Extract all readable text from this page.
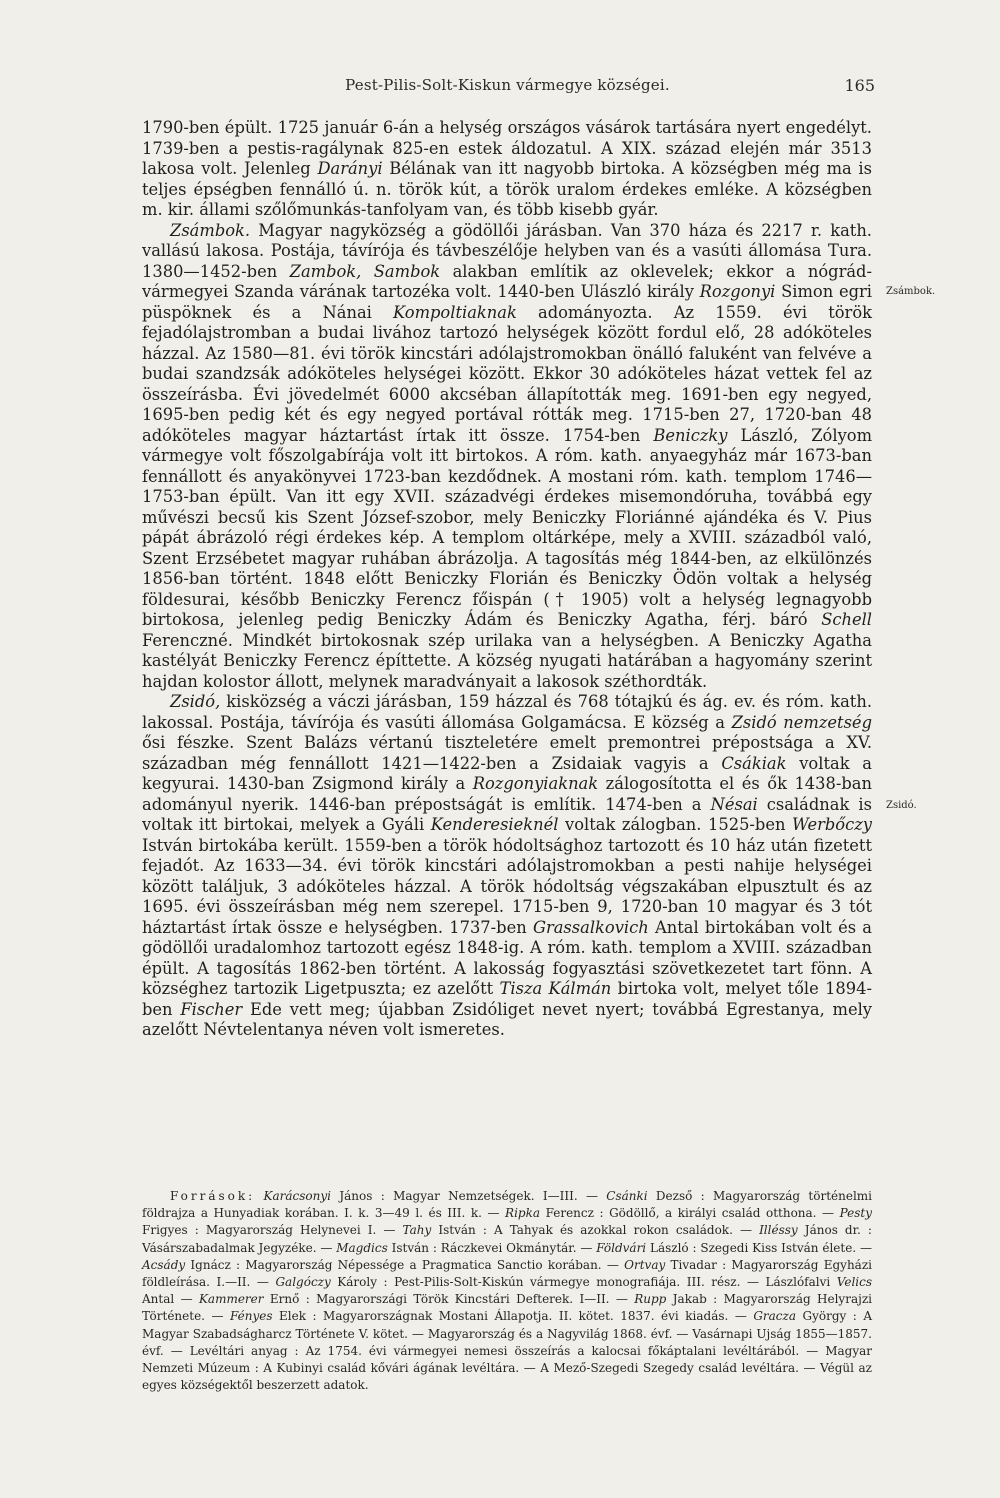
Pest-Pilis-Solt-Kiskun vármegye községei.	165
Zsámbok.
Zsidó.

1790-ben épült. 1725 január 6-án a helység országos vásárok tartására nyert engedélyt. 1739-ben a pestis-ragálynak 825-en estek áldozatul. A XIX. század elején már 3513 lakosa volt. Jelenleg Darányi Bélának van itt nagyobb birtoka. A községben még ma is teljes épségben fennálló ú. n. török kút, a török uralom érdekes emléke. A községben m. kir. állami szőlőmunkás-tanfolyam van, és több kisebb gyár.

Zsámbok. Magyar nagyközség a gödöllői járásban. Van 370 háza és 2217 r. kath. vallású lakosa. Postája, távírója és távbeszélője helyben van és a vasúti állomása Tura. 1380—1452-ben Zambok, Sambok alakban említik az oklevelek; ekkor a nógrád-vármegyei Szanda várának tartozéka volt. 1440-ben Ulászló király Rozgonyi Simon egri püspöknek és a Nánai Kompoltiaknak adományozta. Az 1559. évi török fejadólajstromban a budai livához tartozó helységek között fordul elő, 28 adóköteles házzal. Az 1580—81. évi török kincstári adólajstromokban önálló faluként van felvéve a budai szandzsák adóköteles helységei között. Ekkor 30 adóköteles házat vettek fel az összeírásba. Évi jövedelmét 6000 akcséban állapították meg. 1691-ben egy negyed, 1695-ben pedig két és egy negyed portával rótták meg. 1715-ben 27, 1720-ban 48 adóköteles magyar háztartást írtak itt össze. 1754-ben Beniczky László, Zólyom vármegye volt főszolgabírája volt itt birtokos. A róm. kath. anyaegyház már 1673-ban fennállott és anyakönyvei 1723-ban kezdődnek. A mostani róm. kath. templom 1746—1753-ban épült. Van itt egy XVII. századvégi érdekes misemondóruha, továbbá egy művészi becsű kis Szent József-szobor, mely Beniczky Floriánné ajándéka és V. Pius pápát ábrázoló régi érdekes kép. A templom oltárképe, mely a XVIII. századból való, Szent Erzsébetet magyar ruhában ábrázolja. A tagosítás még 1844-ben, az elkülönzés 1856-ban történt. 1848 előtt Beniczky Florián és Beniczky Ödön voltak a helység földesurai, később Beniczky Ferencz főispán († 1905) volt a helység legnagyobb birtokosa, jelenleg pedig Beniczky Ádám és Beniczky Agatha, férj. báró Schell Ferenczné. Mindkét birtokosnak szép urilaka van a helységben. A Beniczky Agatha kastélyát Beniczky Ferencz építtette. A község nyugati határában a hagyomány szerint hajdan kolostor állott, melynek maradványait a lakosok széthordták.

Zsidó, kisközség a váczi járásban, 159 házzal és 768 tótajkú és ág. ev. és róm. kath. lakossal. Postája, távírója és vasúti állomása Golgamácsa. E község a Zsidó nemzetség ősi fészke. Szent Balázs vértanú tiszteletére emelt premontrei prépostsága a XV. században még fennállott 1421—1422-ben a Zsidaiak vagyis a Csákiak voltak a kegyurai. 1430-ban Zsigmond király a Rozgonyiaknak zálogosította el és ők 1438-ban adományul nyerik. 1446-ban prépostságát is említik. 1474-ben a Nésai családnak is voltak itt birtokai, melyek a Gyáli Kenderesieknél voltak zálogban. 1525-ben Werbőczy István birtokába került. 1559-ben a török hódoltsághoz tartozott és 10 ház után fizetett fejadót. Az 1633—34. évi török kincstári adólajstromokban a pesti nahije helységei között találjuk, 3 adóköteles házzal. A török hódoltság végszakában elpusztult és az 1695. évi összeírásban még nem szerepel. 1715-ben 9, 1720-ban 10 magyar és 3 tót háztartást írtak össze e helységben. 1737-ben Grassalkovich Antal birtokában volt és a gödöllői uradalomhoz tartozott egész 1848-ig. A róm. kath. templom a XVIII. században épült. A tagosítás 1862-ben történt. A lakosság fogyasztási szövetkezetet tart fönn. A községhez tartozik Ligetpuszta; ez azelőtt Tisza Kálmán birtoka volt, melyet tőle 1894-ben Fischer Ede vett meg; újabban Zsidóliget nevet nyert; továbbá Egrestanya, mely azelőtt Névtelentanya néven volt ismeretes.

Források: Karácsonyi János : Magyar Nemzetségek. I—III. — Csánki Dezső : Magyarország történelmi földrajza a Hunyadiak korában. I. k. 3—49 l. és III. k. — Ripka Ferencz : Gödöllő, a királyi család otthona. — Pesty Frigyes : Magyarország Helynevei I. — Tahy István : A Tahyak és azokkal rokon családok. — Illéssy János dr. : Vásárszabadalmak Jegyzéke. — Magdics István : Ráczkevei Okmánytár. — Földvári László : Szegedi Kiss István élete. — Acsády Ignácz : Magyarország Népessége a Pragmatica Sanctio korában. — Ortvay Tivadar : Magyarország Egyházi földleírása. I.—II. — Galgóczy Károly : Pest-Pilis-Solt-Kiskún vármegye monografiája. III. rész. — Lászlófalvi Velics Antal — Kammerer Ernő : Magyarországi Török Kincstári Defterek. I—II. — Rupp Jakab : Magyarország Helyrajzi Története. — Fényes Elek : Magyarországnak Mostani Állapotja. II. kötet. 1837. évi kiadás. — Gracza György : A Magyar Szabadságharcz Története V. kötet. — Magyarország és a Nagyvilág 1868. évf. — Vasárnapi Ujság 1855—1857. évf. — Levéltári anyag : Az 1754. évi vármegyei nemesi összeírás a kalocsai főkáptalani levéltárából. — Magyar Nemzeti Múzeum : A Kubinyi család kővári ágának levéltára. — A Mező-Szegedi Szegedy család levéltára. — Végül az egyes községektől beszerzett adatok.
